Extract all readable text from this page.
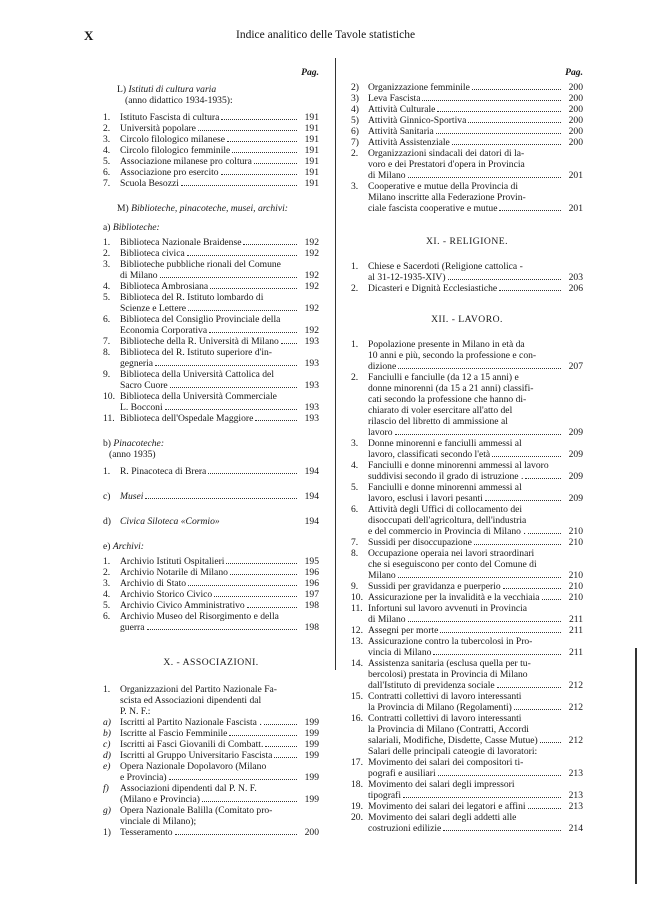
X	Indice analitico delle Tavole statistiche
Pag.
L) Istituti di cultura varia
(anno didattico 1934-1935):
1.	Istituto Fascista di cultura	191
2.	Università popolare	191
3.	Circolo filologico milanese	191
4.	Circolo filologico femminile	191
5.	Associazione milanese pro coltura	191
6.	Associazione pro esercito	191
7.	Scuola Besozzi	191
M) Biblioteche, pinacoteche, musei, archivi:
a) Biblioteche:
1.	Biblioteca Nazionale Braidense	192
2.	Biblioteca civica	192
3.	Biblioteche pubbliche rionali del Comune
di Milano	192
4.	Biblioteca Ambrosiana	192
5.	Biblioteca del R. Istituto lombardo di
Scienze e Lettere	192
6.	Biblioteca del Consiglio Provinciale della
Economia Corporativa	192
7.	Biblioteche della R. Università di Milano	193
8.	Biblioteca del R. Istituto superiore d'in-
gegneria	193
9.	Biblioteca della Università Cattolica del
Sacro Cuore	193
10. Biblioteca della Università Commerciale
L. Bocconi	193
11. Biblioteca dell'Ospedale Maggiore	193
b) Pinacoteche:
(anno 1935)
1.	R. Pinacoteca di Brera	194
c) Musei	194
d) Civica Siloteca «Cormio»	194
e) Archivi:
1.	Archivio Istituti Ospitalieri	195
2.	Archivio Notarile di Milano	196
3.	Archivio di Stato	196
4.	Archivio Storico Civico	197
5.	Archivio Civico Amministrativo	198
6.	Archivio Museo del Risorgimento e della
guerra	198
X. - ASSOCIAZIONI.
1.	Organizzazioni del Partito Nazionale Fa-
scista ed Associazioni dipendenti dal
P. N. F.:
a) Iscritti al Partito Nazionale Fascista .	199
b) Iscritte al Fascio Femminile	199
c) Iscritti ai Fasci Giovanili di Combatt.	199
d) Iscritti al Gruppo Universitario Fascista	199
e) Opera Nazionale Dopolavoro (Milano
e Provincia)	199
f)	Associazioni dipendenti dal P. N. F.
(Milano e Provincia)	199
g) Opera Nazionale Balilla (Comitato pro-
vinciale di Milano);
1) Tesseramento	200
Pag.
2) Organizzazione femminile	200
3) Leva Fascista	200
4) Attività Culturale	200
5) Attività Ginnico-Sportiva	200
6) Attività Sanitaria	200
7) Attività Assistenziale	200
2.	Organizzazioni sindacali dei datori di la-
voro e dei Prestatori d'opera in Provincia
di Milano	201
3.	Cooperative e mutue della Provincia di
Milano inscritte alla Federazione Provin-
ciale fascista cooperative e mutue	201
XI. - RELIGIONE.
1.	Chiese e Sacerdoti (Religione cattolica -
al 31-12-1935-XIV)	203
2.	Dicasteri e Dignità Ecclesiastiche	206
XII. - LAVORO.
1.	Popolazione presente in Milano in età da
10 anni e più, secondo la professione e con-
dizione	207
2.	Fanciulli e fanciulle (da 12 a 15 anni) e
donne minorenni (da 15 a 21 anni) classifi-
cati secondo la professione che hanno di-
chiarato di voler esercitare all'atto del
rilascio del libretto di ammissione al
lavoro	209
3.	Donne minorenni e fanciulli ammessi al
lavoro, classificati secondo l'età	209
4.	Fanciulli e donne minorenni ammessi al lavoro
suddivisi secondo il grado di istruzione .	209
5.	Fanciulli e donne minorenni ammessi al
lavoro, esclusi i lavori pesanti	209
6.	Attività degli Uffici di collocamento dei
disoccupati dell'agricoltura, dell'industria
e del commercio in Provincia di Milano .	210
7.	Sussidi per disoccupazione	210
8.	Occupazione operaia nei lavori straordinari
che si eseguiscono per conto del Comune di
Milano	210
9.	Sussidi per gravidanza e puerperio	210
10. Assicurazione per la invalidità e la vecchiaia	210
11. Infortuni sul lavoro avvenuti in Provincia
di Milano	211
12. Assegni per morte	211
13. Assicurazione contro la tubercolosi in Pro-
vincia di Milano	211
14. Assistenza sanitaria (esclusa quella per tu-
bercolosi) prestata in Provincia di Milano
dall'Istituto di previdenza sociale	212
15. Contratti collettivi di lavoro interessanti
la Provincia di Milano (Regolamenti)	212
16. Contratti collettivi di lavoro interessanti
la Provincia di Milano (Contratti, Accordi
salariali, Modifiche, Disdette, Casse Mutue)	212
Salari delle principali cateogie di lavoratori:
17. Movimento dei salari dei compositori ti-
pografi e ausiliari	213
18. Movimento dei salari degli impressori
tipografi	213
19. Movimento dei salari dei legatori e affini	213
20. Movimento dei salari degli addetti alle
costruzioni edilizie	214
